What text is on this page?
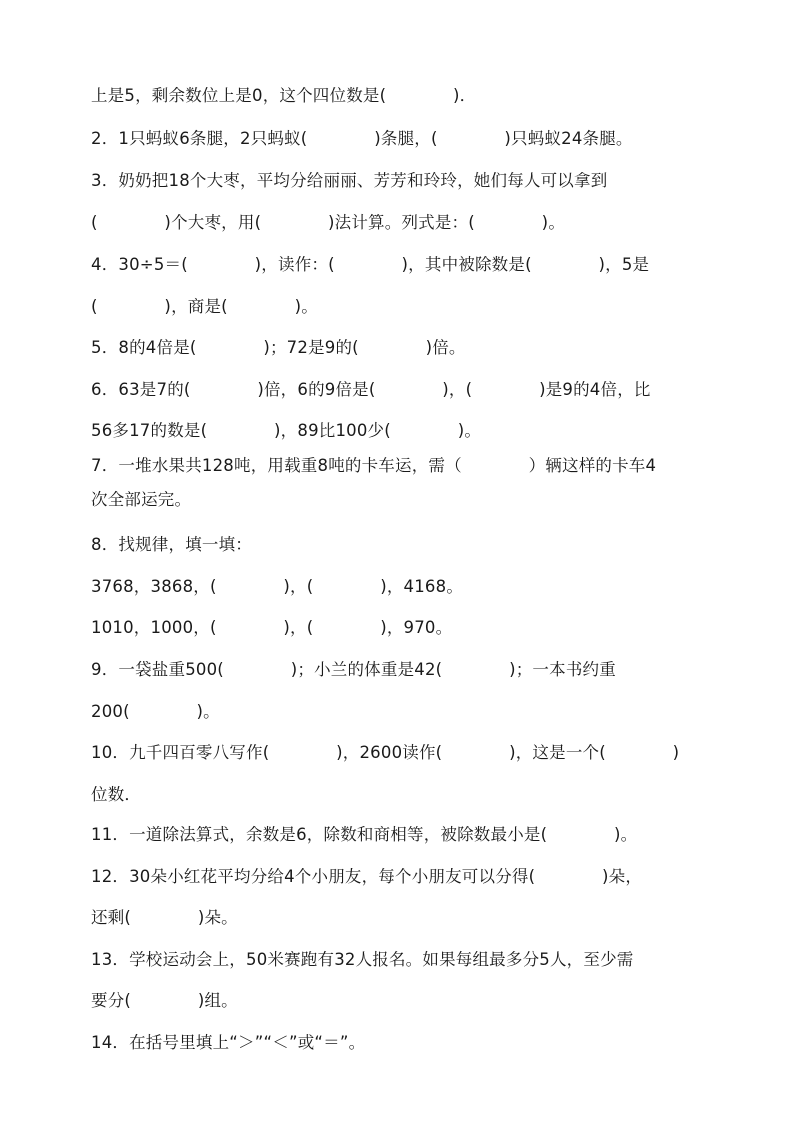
上是5，剩余数位上是0，这个四位数是(　　　　)．
2．1只蚂蚁6条腿，2只蚂蚁(　　　　)条腿，(　　　　)只蚂蚁24条腿。
3．奶奶把18个大枣，平均分给丽丽、芳芳和玲玲，她们每人可以拿到
(　　　　)个大枣，用(　　　　)法计算。列式是：(　　　　)。
4．30÷5＝(　　　　)，读作：(　　　　)，其中被除数是(　　　　)，5是
(　　　　)，商是(　　　　)。
5．8的4倍是(　　　　)；72是9的(　　　　)倍。
6．63是7的(　　　　)倍，6的9倍是(　　　　)，(　　　　)是9的4倍，比
56多17的数是(　　　　)，89比100少(　　　　)。
7．一堆水果共128吨，用载重8吨的卡车运，需（　　　　）辆这样的卡车4
次全部运完。
8．找规律，填一填：
3768，3868，(　　　　)，(　　　　)，4168。
1010，1000，(　　　　)，(　　　　)，970。
9．一袋盐重500(　　　　)；小兰的体重是42(　　　　)；一本书约重
200(　　　　)。
10．九千四百零八写作(　　　　)，2600读作(　　　　)，这是一个(　　　　)
位数．
11．一道除法算式，余数是6，除数和商相等，被除数最小是(　　　　)。
12．30朵小红花平均分给4个小朋友，每个小朋友可以分得(　　　　)朵，
还剩(　　　　)朵。
13．学校运动会上，50米赛跑有32人报名。如果每组最多分5人，至少需
要分(　　　　)组。
14．在括号里填上“＞”“＜”或“＝”。
